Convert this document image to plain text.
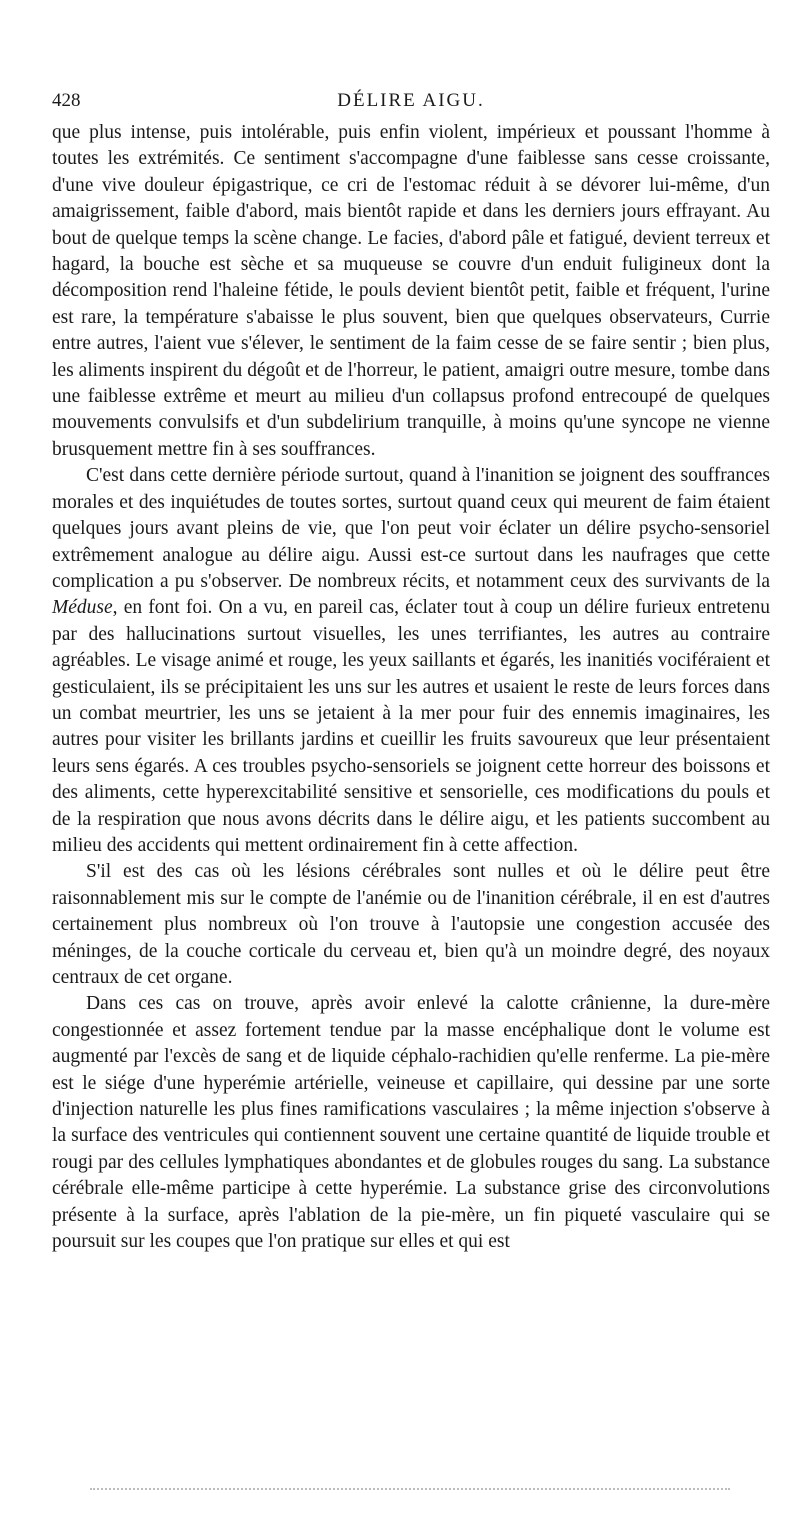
428	DÉLIRE AIGU.

que plus intense, puis intolérable, puis enfin violent, impérieux et poussant l'homme à toutes les extrémités. Ce sentiment s'accompagne d'une faiblesse sans cesse croissante, d'une vive douleur épigastrique, ce cri de l'estomac réduit à se dévorer lui-même, d'un amaigrissement, faible d'abord, mais bientôt rapide et dans les derniers jours effrayant. Au bout de quelque temps la scène change. Le facies, d'abord pâle et fatigué, devient terreux et hagard, la bouche est sèche et sa muqueuse se couvre d'un enduit fuligineux dont la décomposition rend l'haleine fétide, le pouls devient bientôt petit, faible et fréquent, l'urine est rare, la température s'abaisse le plus souvent, bien que quelques observateurs, Currie entre autres, l'aient vue s'élever, le sentiment de la faim cesse de se faire sentir ; bien plus, les aliments inspirent du dégoût et de l'horreur, le patient, amaigri outre mesure, tombe dans une faiblesse extrême et meurt au milieu d'un collapsus profond entrecoupé de quelques mouvements convulsifs et d'un subdelirium tranquille, à moins qu'une syncope ne vienne brusquement mettre fin à ses souffrances.

C'est dans cette dernière période surtout, quand à l'inanition se joignent des souffrances morales et des inquiétudes de toutes sortes, surtout quand ceux qui meurent de faim étaient quelques jours avant pleins de vie, que l'on peut voir éclater un délire psycho-sensoriel extrêmement analogue au délire aigu. Aussi est-ce surtout dans les naufrages que cette complication a pu s'observer. De nombreux récits, et notamment ceux des survivants de la Méduse, en font foi. On a vu, en pareil cas, éclater tout à coup un délire furieux entretenu par des hallucinations surtout visuelles, les unes terrifiantes, les autres au contraire agréables. Le visage animé et rouge, les yeux saillants et égarés, les inanitiés vociféraient et gesticulaient, ils se précipitaient les uns sur les autres et usaient le reste de leurs forces dans un combat meurtrier, les uns se jetaient à la mer pour fuir des ennemis imaginaires, les autres pour visiter les brillants jardins et cueillir les fruits savoureux que leur présentaient leurs sens égarés. A ces troubles psycho-sensoriels se joignent cette horreur des boissons et des aliments, cette hyperexcitabilité sensitive et sensorielle, ces modifications du pouls et de la respiration que nous avons décrits dans le délire aigu, et les patients succombent au milieu des accidents qui mettent ordinairement fin à cette affection.

S'il est des cas où les lésions cérébrales sont nulles et où le délire peut être raisonnablement mis sur le compte de l'anémie ou de l'inanition cérébrale, il en est d'autres certainement plus nombreux où l'on trouve à l'autopsie une congestion accusée des méninges, de la couche corticale du cerveau et, bien qu'à un moindre degré, des noyaux centraux de cet organe.

Dans ces cas on trouve, après avoir enlevé la calotte crânienne, la dure-mère congestionnée et assez fortement tendue par la masse encéphalique dont le volume est augmenté par l'excès de sang et de liquide céphalo-rachidien qu'elle renferme. La pie-mère est le siége d'une hyperémie artérielle, veineuse et capillaire, qui dessine par une sorte d'injection naturelle les plus fines ramifications vasculaires ; la même injection s'observe à la surface des ventricules qui contiennent souvent une certaine quantité de liquide trouble et rougi par des cellules lymphatiques abondantes et de globules rouges du sang. La substance cérébrale elle-même participe à cette hyperémie. La substance grise des circonvolutions présente à la surface, après l'ablation de la pie-mère, un fin piqueté vasculaire qui se poursuit sur les coupes que l'on pratique sur elles et qui est
